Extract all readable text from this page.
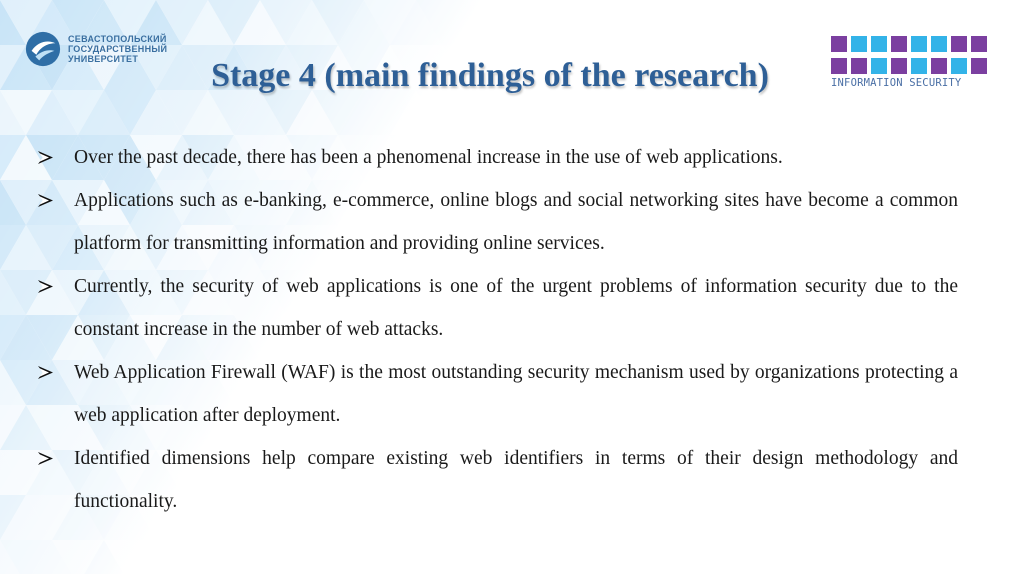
СЕВАСТОПОЛЬСКИЙ
ГОСУДАРСТВЕННЫЙ
УНИВЕРСИТЕТ	Stage 4 (main findings of the research)	INFORMATION SECURITY
Over the past decade, there has been a phenomenal increase in the use of web applications.
Applications such as e-banking, e-commerce, online blogs and social networking sites have become a common platform for transmitting information and providing online services.
Currently, the security of web applications is one of the urgent problems of information security due to the constant increase in the number of web attacks.
Web Application Firewall (WAF) is the most outstanding security mechanism used by organizations protecting a web application after deployment.
Identified dimensions help compare existing web identifiers in terms of their design methodology and functionality.
